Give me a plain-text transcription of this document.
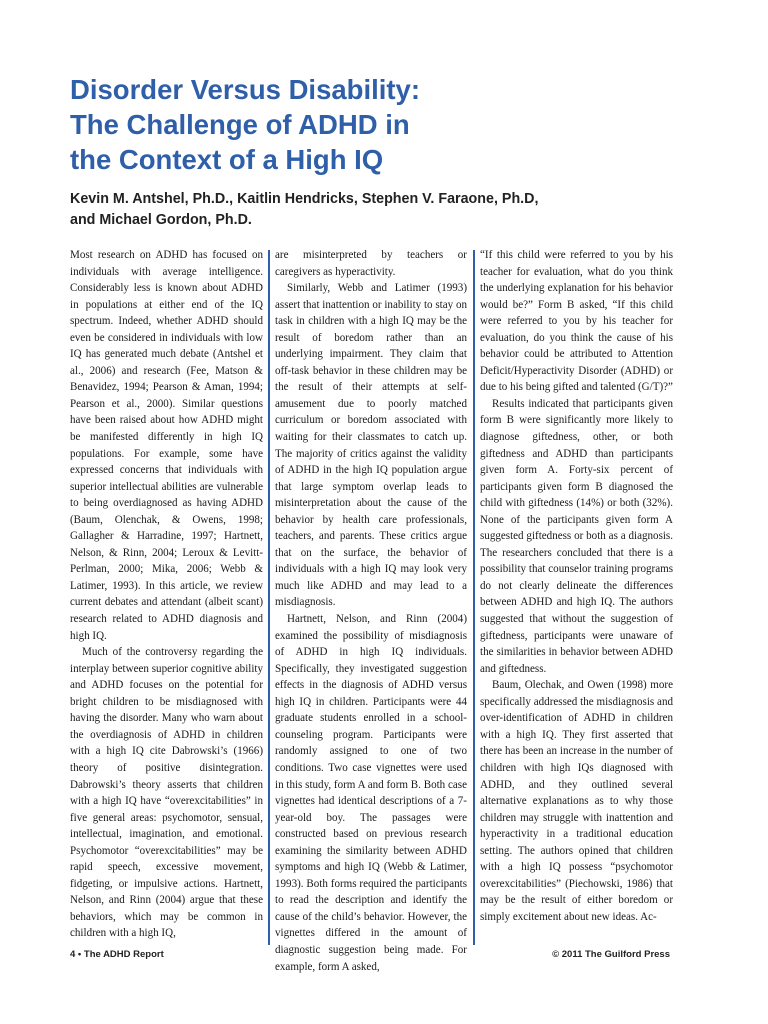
Disorder Versus Disability:
The Challenge of ADHD in
the Context of a High IQ
Kevin M. Antshel, Ph.D., Kaitlin Hendricks, Stephen V. Faraone, Ph.D,
and Michael Gordon, Ph.D.

Most research on ADHD has focused on individuals with average intelligence. Considerably less is known about ADHD in populations at either end of the IQ spectrum. Indeed, whether ADHD should even be considered in individuals with low IQ has generated much debate (Antshel et al., 2006) and research (Fee, Matson & Benavidez, 1994; Pearson & Aman, 1994; Pearson et al., 2000). Similar questions have been raised about how ADHD might be manifested differently in high IQ populations. For example, some have expressed concerns that individuals with superior intellectual abilities are vulnerable to being overdiagnosed as having ADHD (Baum, Olenchak, & Owens, 1998; Gallagher & Harradine, 1997; Hartnett, Nelson, & Rinn, 2004; Leroux & Levitt-Perlman, 2000; Mika, 2006; Webb & Latimer, 1993). In this article, we review current debates and attendant (albeit scant) research related to ADHD diagnosis and high IQ.

Much of the controversy regarding the interplay between superior cognitive ability and ADHD focuses on the potential for bright children to be misdiagnosed with having the disorder. Many who warn about the overdiagnosis of ADHD in children with a high IQ cite Dabrowski’s (1966) theory of positive disintegration. Dabrowski’s theory asserts that children with a high IQ have “overexcitabilities” in five general areas: psychomotor, sensual, intellectual, imagination, and emotional. Psychomotor “overexcitabilities” may be rapid speech, excessive movement, fidgeting, or impulsive actions. Hartnett, Nelson, and Rinn (2004) argue that these behaviors, which may be common in children with a high IQ,

are misinterpreted by teachers or caregivers as hyperactivity.

Similarly, Webb and Latimer (1993) assert that inattention or inability to stay on task in children with a high IQ may be the result of boredom rather than an underlying impairment. They claim that off-task behavior in these children may be the result of their attempts at self-amusement due to poorly matched curriculum or boredom associated with waiting for their classmates to catch up. The majority of critics against the validity of ADHD in the high IQ population argue that large symptom overlap leads to misinterpretation about the cause of the behavior by health care professionals, teachers, and parents. These critics argue that on the surface, the behavior of individuals with a high IQ may look very much like ADHD and may lead to a misdiagnosis.

Hartnett, Nelson, and Rinn (2004) examined the possibility of misdiagnosis of ADHD in high IQ individuals. Specifically, they investigated suggestion effects in the diagnosis of ADHD versus high IQ in children. Participants were 44 graduate students enrolled in a school-counseling program. Participants were randomly assigned to one of two conditions. Two case vignettes were used in this study, form A and form B. Both case vignettes had identical descriptions of a 7-year-old boy. The passages were constructed based on previous research examining the similarity between ADHD symptoms and high IQ (Webb & Latimer, 1993). Both forms required the participants to read the description and identify the cause of the child’s behavior. However, the vignettes differed in the amount of diagnostic suggestion being made. For example, form A asked,

“If this child were referred to you by his teacher for evaluation, what do you think the underlying explanation for his behavior would be?” Form B asked, “If this child were referred to you by his teacher for evaluation, do you think the cause of his behavior could be attributed to Attention Deficit/Hyperactivity Disorder (ADHD) or due to his being gifted and talented (G/T)?”

Results indicated that participants given form B were significantly more likely to diagnose giftedness, other, or both giftedness and ADHD than participants given form A. Forty-six percent of participants given form B diagnosed the child with giftedness (14%) or both (32%). None of the participants given form A suggested giftedness or both as a diagnosis. The researchers concluded that there is a possibility that counselor training programs do not clearly delineate the differences between ADHD and high IQ. The authors suggested that without the suggestion of giftedness, participants were unaware of the similarities in behavior between ADHD and giftedness.

Baum, Olechak, and Owen (1998) more specifically addressed the misdiagnosis and over-identification of ADHD in children with a high IQ. They first asserted that there has been an increase in the number of children with high IQs diagnosed with ADHD, and they outlined several alternative explanations as to why those children may struggle with inattention and hyperactivity in a traditional education setting. The authors opined that children with a high IQ possess “psychomotor overexcitabilities” (Piechowski, 1986) that may be the result of either boredom or simply excitement about new ideas. Ac-

4 • The ADHD Report	© 2011 The Guilford Press
